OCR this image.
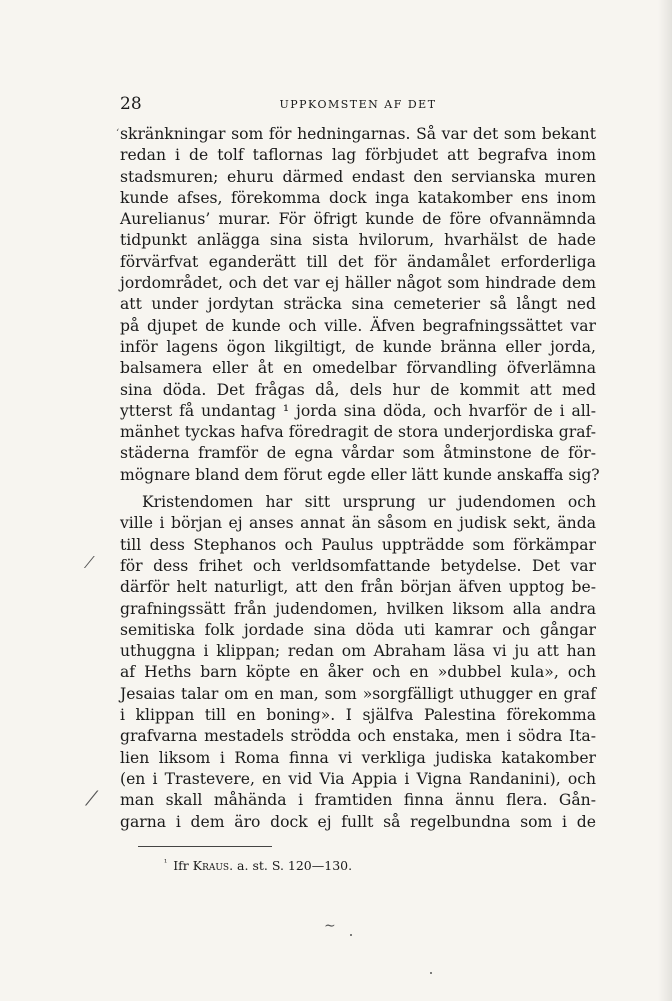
28	UPPKOMSTEN AF DET
skränkningar som för hedningarnas. Så var det som bekant
redan i de tolf taflornas lag förbjudet att begrafva inom
stadsmuren; ehuru därmed endast den servianska muren
kunde afses, förekomma dock inga katakomber ens inom
Aurelianus’ murar. För öfrigt kunde de före ofvannämnda
tidpunkt anlägga sina sista hvilorum, hvarhälst de hade
förvärfvat eganderätt till det för ändamålet erforderliga
jordområdet, och det var ej häller något som hindrade dem
att under jordytan sträcka sina cemeterier så långt ned
på djupet de kunde och ville. Äfven begrafningssättet var
inför lagens ögon likgiltigt, de kunde bränna eller jorda,
balsamera eller åt en omedelbar förvandling öfverlämna
sina döda. Det frågas då, dels hur de kommit att med
ytterst få undantag ¹ jorda sina döda, och hvarför de i all-
mänhet tyckas hafva föredragit de stora underjordiska graf-
städerna framför de egna vårdar som åtminstone de för-
mögnare bland dem förut egde eller lätt kunde anskaffa sig?
Kristendomen har sitt ursprung ur judendomen och
ville i början ej anses annat än såsom en judisk sekt, ända
till dess Stephanos och Paulus uppträdde som förkämpar
för dess frihet och verldsomfattande betydelse. Det var
därför helt naturligt, att den från början äfven upptog be-
grafningssätt från judendomen, hvilken liksom alla andra
semitiska folk jordade sina döda uti kamrar och gångar
uthuggna i klippan; redan om Abraham läsa vi ju att han
af Heths barn köpte en åker och en »dubbel kula», och
Jesaias talar om en man, som »sorgfälligt uthugger en graf
i klippan till en boning». I själfva Palestina förekomma
grafvarna mestadels strödda och enstaka, men i södra Ita-
lien liksom i Roma finna vi verkliga judiska katakomber
(en i Trastevere, en vid Via Appia i Vigna Randanini), och
man skall måhända i framtiden finna ännu flera. Gån-
garna i dem äro dock ej fullt så regelbundna som i de
$^{^1}$ Ifr Kraus. a. st. S. 120—130.
‘
⁄
⁄
∼
